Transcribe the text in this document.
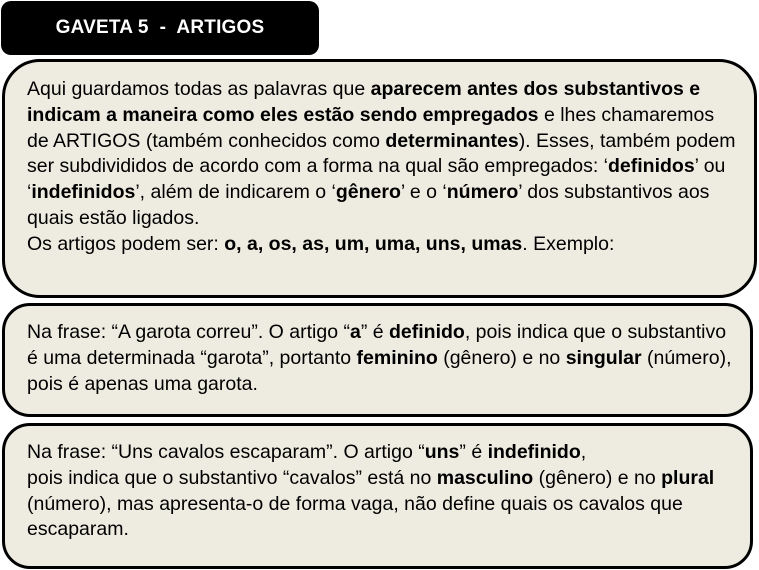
GAVETA 5  -  ARTIGOS

Aqui guardamos todas as palavras que aparecem antes dos substantivos e indicam a maneira como eles estão sendo empregados e lhes chamaremos de ARTIGOS (também conhecidos como determinantes). Esses, também podem ser subdivididos de acordo com a forma na qual são empregados: ‘definidos’ ou ‘indefinidos’, além de indicarem o ‘gênero’ e o ‘número’ dos substantivos aos quais estão ligados.

Os artigos podem ser: o, a, os, as, um, uma, uns, umas. Exemplo:

Na frase: “A garota correu”. O artigo “a” é definido, pois indica que o substantivo é uma determinada “garota”, portanto feminino (gênero) e no singular (número), pois é apenas uma garota.

Na frase: “Uns cavalos escaparam”. O artigo “uns” é indefinido,

pois indica que o substantivo “cavalos” está no masculino (gênero) e no plural (número), mas apresenta-o de forma vaga, não define quais os cavalos que escaparam.
